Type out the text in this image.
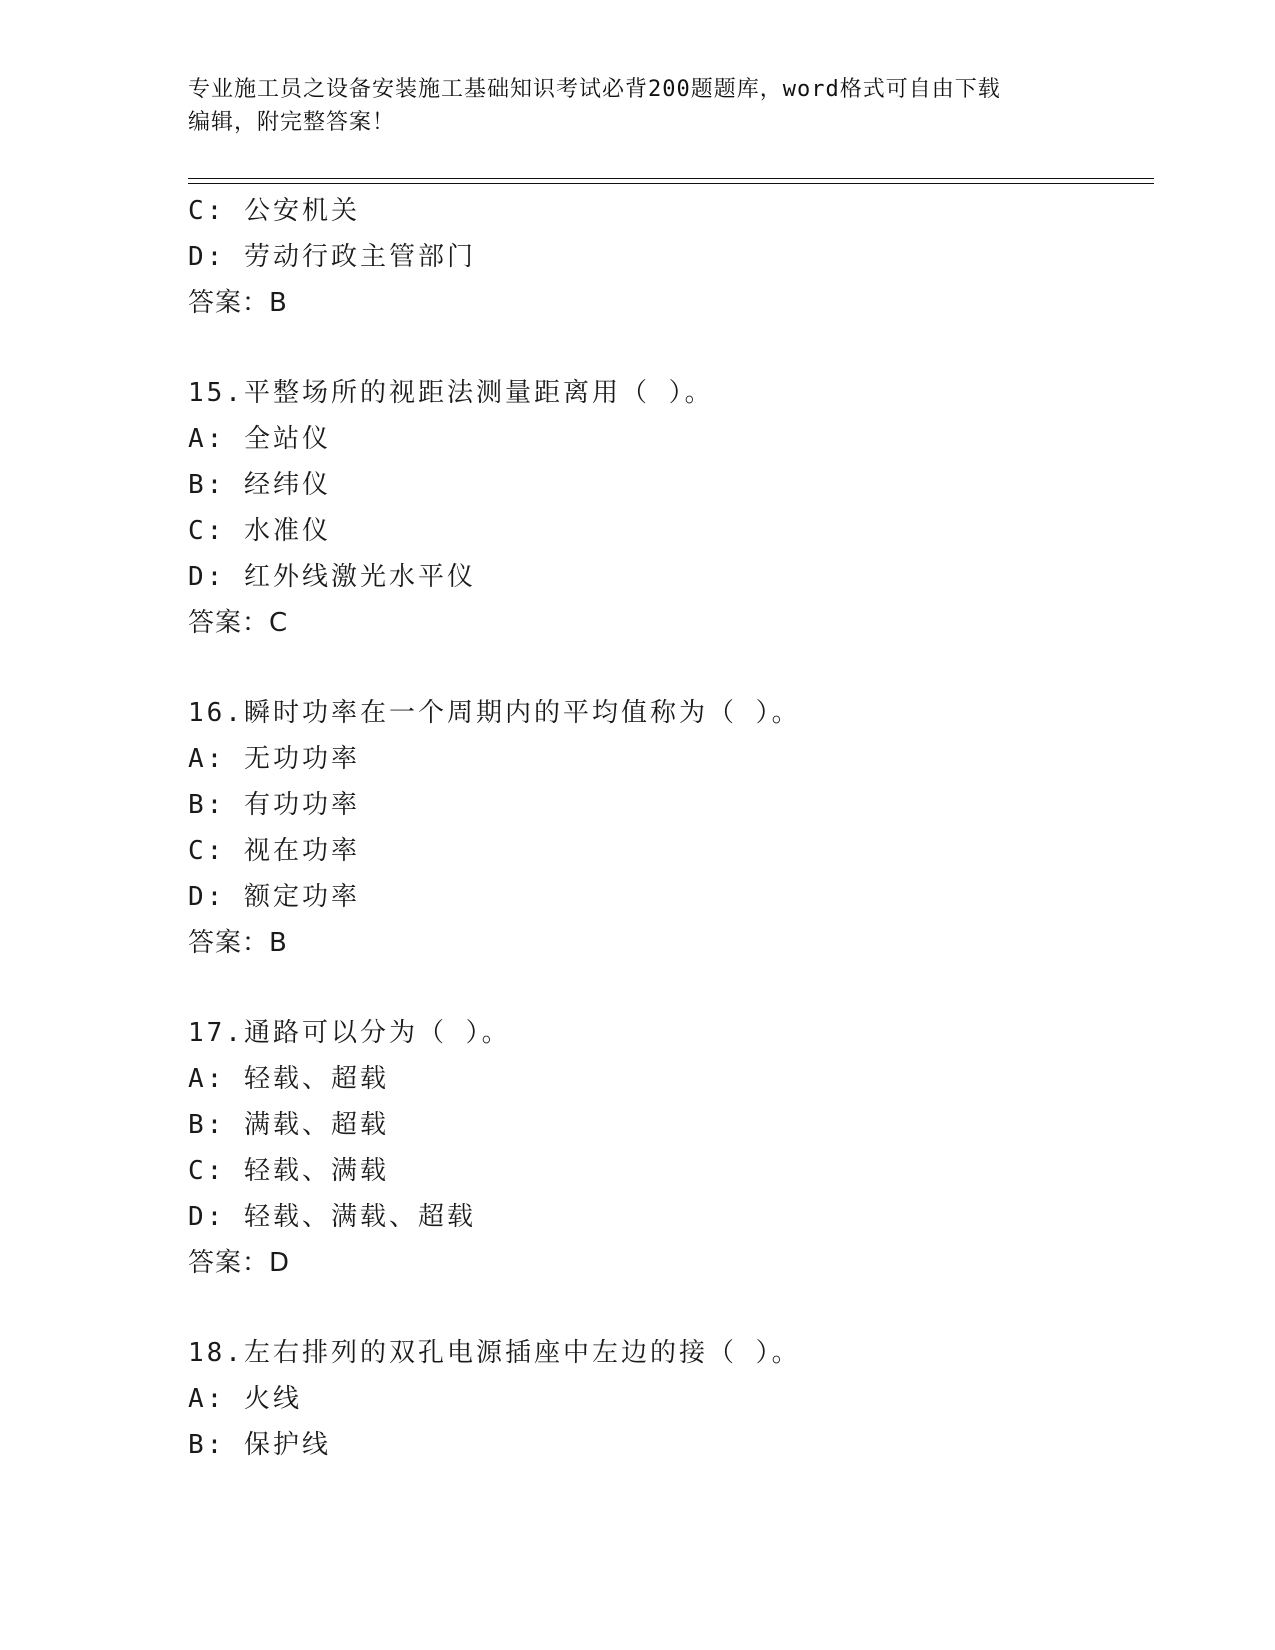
专业施工员之设备安装施工基础知识考试必背200题题库，word格式可自由下载
编辑，附完整答案！
C: 公安机关
D: 劳动行政主管部门
答案：B
15.平整场所的视距法测量距离用（ ）。
A: 全站仪
B: 经纬仪
C: 水准仪
D: 红外线激光水平仪
答案：C
16.瞬时功率在一个周期内的平均值称为（ ）。
A: 无功功率
B: 有功功率
C: 视在功率
D: 额定功率
答案：B
17.通路可以分为（ ）。
A: 轻载、超载
B: 满载、超载
C: 轻载、满载
D: 轻载、满载、超载
答案：D
18.左右排列的双孔电源插座中左边的接（ ）。
A: 火线
B: 保护线
